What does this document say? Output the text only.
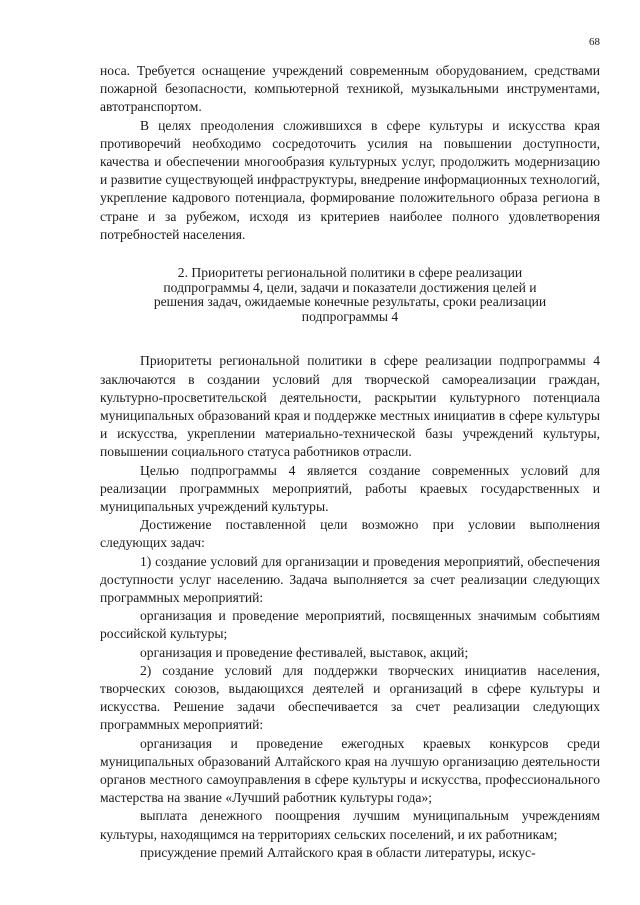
68

носа. Требуется оснащение учреждений современным оборудованием, средствами пожарной безопасности, компьютерной техникой, музыкальными инструментами, автотранспортом.

В целях преодоления сложившихся в сфере культуры и искусства края противоречий необходимо сосредоточить усилия на повышении доступности, качества и обеспечении многообразия культурных услуг, продолжить модернизацию и развитие существующей инфраструктуры, внедрение информационных технологий, укрепление кадрового потенциала, формирование положительного образа региона в стране и за рубежом, исходя из критериев наиболее полного удовлетворения потребностей населения.

2. Приоритеты региональной политики в сфере реализации подпрограммы 4, цели, задачи и показатели достижения целей и решения задач, ожидаемые конечные результаты, сроки реализации подпрограммы 4

Приоритеты региональной политики в сфере реализации подпрограммы 4 заключаются в создании условий для творческой самореализации граждан, культурно-просветительской деятельности, раскрытии культурного потенциала муниципальных образований края и поддержке местных инициатив в сфере культуры и искусства, укреплении материально-технической базы учреждений культуры, повышении социального статуса работников отрасли.

Целью подпрограммы 4 является создание современных условий для реализации программных мероприятий, работы краевых государственных и муниципальных учреждений культуры.

Достижение поставленной цели возможно при условии выполнения следующих задач:

1) создание условий для организации и проведения мероприятий, обеспечения доступности услуг населению. Задача выполняется за счет реализации следующих программных мероприятий:

организация и проведение мероприятий, посвященных значимым событиям российской культуры;

организация и проведение фестивалей, выставок, акций;

2) создание условий для поддержки творческих инициатив населения, творческих союзов, выдающихся деятелей и организаций в сфере культуры и искусства. Решение задачи обеспечивается за счет реализации следующих программных мероприятий:

организация и проведение ежегодных краевых конкурсов среди муниципальных образований Алтайского края на лучшую организацию деятельности органов местного самоуправления в сфере культуры и искусства, профессионального мастерства на звание «Лучший работник культуры года»;

выплата денежного поощрения лучшим муниципальным учреждениям культуры, находящимся на территориях сельских поселений, и их работникам;

присуждение премий Алтайского края в области литературы, искус-
